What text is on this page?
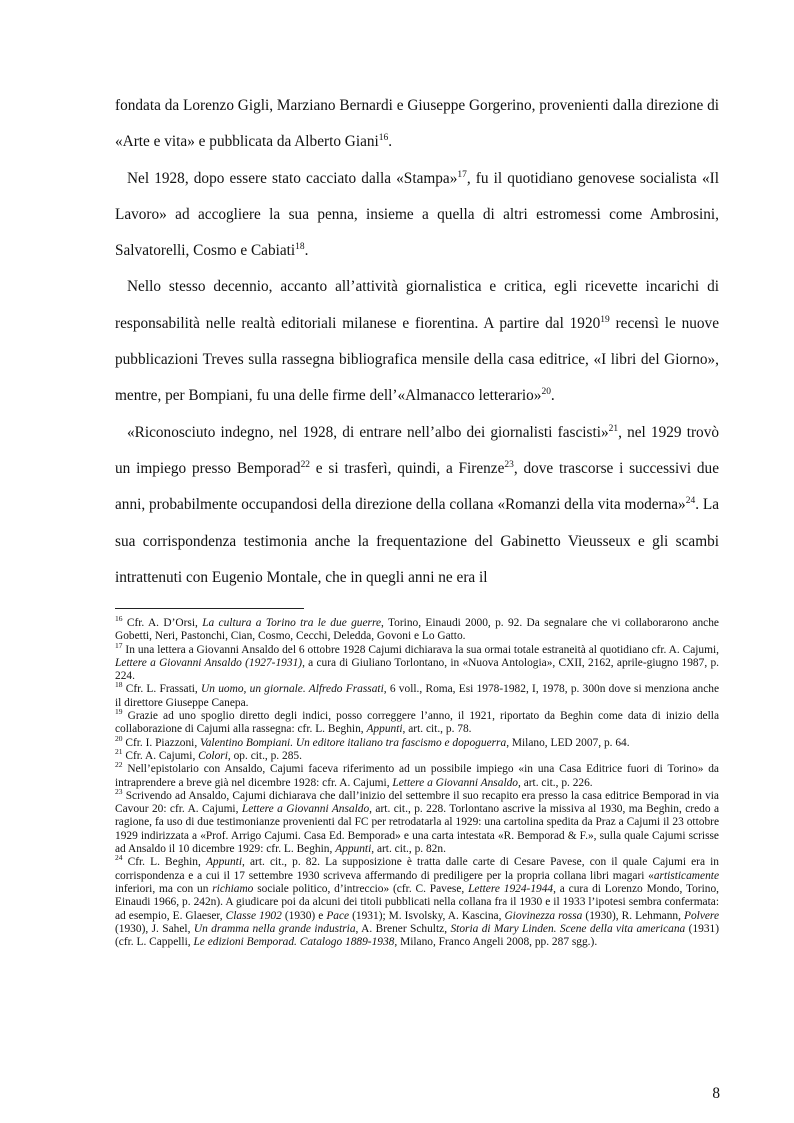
fondata da Lorenzo Gigli, Marziano Bernardi e Giuseppe Gorgerino, provenienti dalla direzione di «Arte e vita» e pubblicata da Alberto Giani$^{16}$.

Nel 1928, dopo essere stato cacciato dalla «Stampa»$^{17}$, fu il quotidiano genovese socialista «Il Lavoro» ad accogliere la sua penna, insieme a quella di altri estromessi come Ambrosini, Salvatorelli, Cosmo e Cabiati$^{18}$.

Nello stesso decennio, accanto all’attività giornalistica e critica, egli ricevette incarichi di responsabilità nelle realtà editoriali milanese e fiorentina. A partire dal 1920$^{19}$ recensì le nuove pubblicazioni Treves sulla rassegna bibliografica mensile della casa editrice, «I libri del Giorno», mentre, per Bompiani, fu una delle firme dell’«Almanacco letterario»$^{20}$.

«Riconosciuto indegno, nel 1928, di entrare nell’albo dei giornalisti fascisti»$^{21}$, nel 1929 trovò un impiego presso Bemporad$^{22}$ e si trasferì, quindi, a Firenze$^{23}$, dove trascorse i successivi due anni, probabilmente occupandosi della direzione della collana «Romanzi della vita moderna»$^{24}$. La sua corrispondenza testimonia anche la frequentazione del Gabinetto Vieusseux e gli scambi intrattenuti con Eugenio Montale, che in quegli anni ne era il

$^{16}$ Cfr. A. D’Orsi, La cultura a Torino tra le due guerre, Torino, Einaudi 2000, p. 92. Da segnalare che vi collaborarono anche Gobetti, Neri, Pastonchi, Cian, Cosmo, Cecchi, Deledda, Govoni e Lo Gatto.

$^{17}$ In una lettera a Giovanni Ansaldo del 6 ottobre 1928 Cajumi dichiarava la sua ormai totale estraneità al quotidiano cfr. A. Cajumi, Lettere a Giovanni Ansaldo (1927-1931), a cura di Giuliano Torlontano, in «Nuova Antologia», CXII, 2162, aprile-giugno 1987, p. 224.

$^{18}$ Cfr. L. Frassati, Un uomo, un giornale. Alfredo Frassati, 6 voll., Roma, Esi 1978-1982, I, 1978, p. 300n dove si menziona anche il direttore Giuseppe Canepa.

$^{19}$ Grazie ad uno spoglio diretto degli indici, posso correggere l’anno, il 1921, riportato da Beghin come data di inizio della collaborazione di Cajumi alla rassegna: cfr. L. Beghin, Appunti, art. cit., p. 78.

$^{20}$ Cfr. I. Piazzoni, Valentino Bompiani. Un editore italiano tra fascismo e dopoguerra, Milano, LED 2007, p. 64.

$^{21}$ Cfr. A. Cajumi, Colori, op. cit., p. 285.

$^{22}$ Nell’epistolario con Ansaldo, Cajumi faceva riferimento ad un possibile impiego «in una Casa Editrice fuori di Torino» da intraprendere a breve già nel dicembre 1928: cfr. A. Cajumi, Lettere a Giovanni Ansaldo, art. cit., p. 226.

$^{23}$ Scrivendo ad Ansaldo, Cajumi dichiarava che dall’inizio del settembre il suo recapito era presso la casa editrice Bemporad in via Cavour 20: cfr. A. Cajumi, Lettere a Giovanni Ansaldo, art. cit., p. 228. Torlontano ascrive la missiva al 1930, ma Beghin, credo a ragione, fa uso di due testimonianze provenienti dal FC per retrodatarla al 1929: una cartolina spedita da Praz a Cajumi il 23 ottobre 1929 indirizzata a «Prof. Arrigo Cajumi. Casa Ed. Bemporad» e una carta intestata «R. Bemporad & F.», sulla quale Cajumi scrisse ad Ansaldo il 10 dicembre 1929: cfr. L. Beghin, Appunti, art. cit., p. 82n.

$^{24}$ Cfr. L. Beghin, Appunti, art. cit., p. 82. La supposizione è tratta dalle carte di Cesare Pavese, con il quale Cajumi era in corrispondenza e a cui il 17 settembre 1930 scriveva affermando di prediligere per la propria collana libri magari «artisticamente inferiori, ma con un richiamo sociale politico, d’intreccio» (cfr. C. Pavese, Lettere 1924-1944, a cura di Lorenzo Mondo, Torino, Einaudi 1966, p. 242n). A giudicare poi da alcuni dei titoli pubblicati nella collana fra il 1930 e il 1933 l’ipotesi sembra confermata: ad esempio, E. Glaeser, Classe 1902 (1930) e Pace (1931); M. Isvolsky, A. Kascina, Giovinezza rossa (1930), R. Lehmann, Polvere (1930), J. Sahel, Un dramma nella grande industria, A. Brener Schultz, Storia di Mary Linden. Scene della vita americana (1931) (cfr. L. Cappelli, Le edizioni Bemporad. Catalogo 1889-1938, Milano, Franco Angeli 2008, pp. 287 sgg.).

8
